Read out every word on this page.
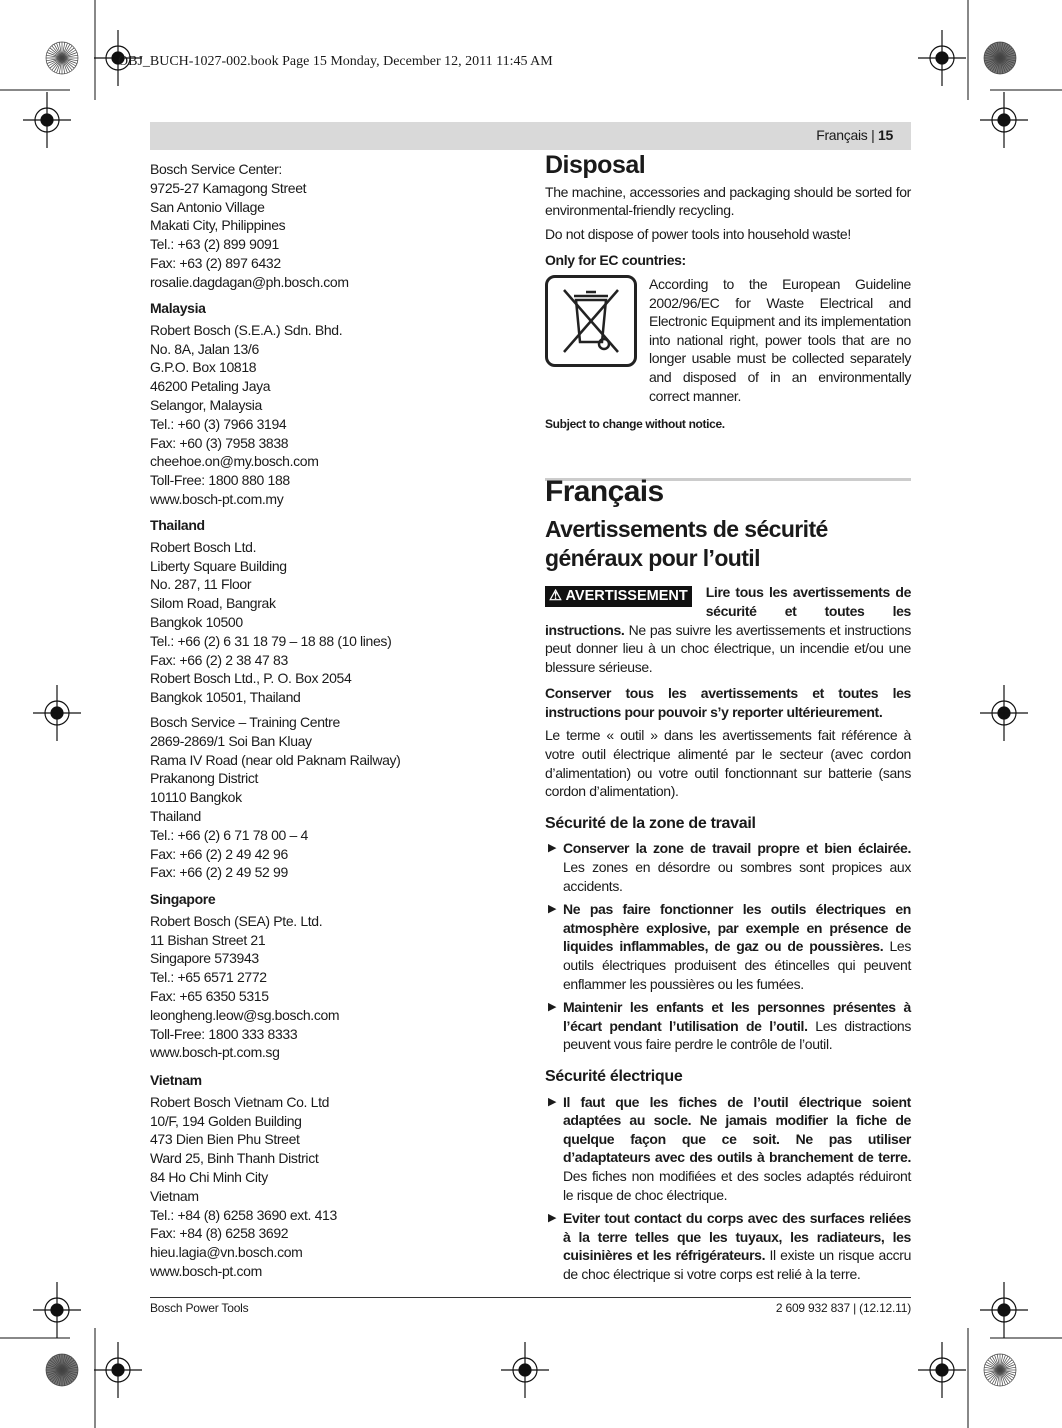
OBJ_BUCH-1027-002.book Page 15 Monday, December 12, 2011 11:45 AM
Français | 15
Bosch Service Center:
9725-27 Kamagong Street
San Antonio Village
Makati City, Philippines
Tel.: +63 (2) 899 9091
Fax: +63 (2) 897 6432
rosalie.dagdagan@ph.bosch.com
Malaysia
Robert Bosch (S.E.A.) Sdn. Bhd.
No. 8A, Jalan 13/6
G.P.O. Box 10818
46200 Petaling Jaya
Selangor, Malaysia
Tel.: +60 (3) 7966 3194
Fax: +60 (3) 7958 3838
cheehoe.on@my.bosch.com
Toll-Free: 1800 880 188
www.bosch-pt.com.my
Thailand
Robert Bosch Ltd.
Liberty Square Building
No. 287, 11 Floor
Silom Road, Bangrak
Bangkok 10500
Tel.: +66 (2) 6 31 18 79 – 18 88 (10 lines)
Fax: +66 (2) 2 38 47 83
Robert Bosch Ltd., P. O. Box 2054
Bangkok 10501, Thailand
Bosch Service – Training Centre
2869-2869/1 Soi Ban Kluay
Rama IV Road (near old Paknam Railway)
Prakanong District
10110 Bangkok
Thailand
Tel.: +66 (2) 6 71 78 00 – 4
Fax: +66 (2) 2 49 42 96
Fax: +66 (2) 2 49 52 99
Singapore
Robert Bosch (SEA) Pte. Ltd.
11 Bishan Street 21
Singapore 573943
Tel.: +65 6571 2772
Fax: +65 6350 5315
leongheng.leow@sg.bosch.com
Toll-Free: 1800 333 8333
www.bosch-pt.com.sg
Vietnam
Robert Bosch Vietnam Co. Ltd
10/F, 194 Golden Building
473 Dien Bien Phu Street
Ward 25, Binh Thanh District
84 Ho Chi Minh City
Vietnam
Tel.: +84 (8) 6258 3690 ext. 413
Fax: +84 (8) 6258 3692
hieu.lagia@vn.bosch.com
www.bosch-pt.com
Disposal

The machine, accessories and packaging should be sorted for environmental-friendly recycling.

Do not dispose of power tools into household waste!

Only for EC countries:

According to the European Guideline 2002/96/EC for Waste Electrical and Electronic Equipment and its implementation into national right, power tools that are no longer usable must be collected separately and disposed of in an environmentally correct manner.

Subject to change without notice.

Français
Avertissements de sécurité généraux pour l’outil

⚠ AVERTISSEMENT Lire tous les avertissements de sécurité et toutes les instructions. Ne pas suivre les avertissements et instructions peut donner lieu à un choc électrique, un incendie et/ou une blessure sérieuse.

Conserver tous les avertissements et toutes les instructions pour pouvoir s’y reporter ultérieurement.

Le terme « outil » dans les avertissements fait référence à votre outil électrique alimenté par le secteur (avec cordon d’alimentation) ou votre outil fonctionnant sur batterie (sans cordon d’alimentation).

Sécurité de la zone de travail
▶ Conserver la zone de travail propre et bien éclairée. Les zones en désordre ou sombres sont propices aux accidents.
▶ Ne pas faire fonctionner les outils électriques en atmosphère explosive, par exemple en présence de liquides inflammables, de gaz ou de poussières. Les outils électriques produisent des étincelles qui peuvent enflammer les poussières ou les fumées.
▶ Maintenir les enfants et les personnes présentes à l’écart pendant l’utilisation de l’outil. Les distractions peuvent vous faire perdre le contrôle de l’outil.
Sécurité électrique
▶ Il faut que les fiches de l’outil électrique soient adaptées au socle. Ne jamais modifier la fiche de quelque façon que ce soit. Ne pas utiliser d’adaptateurs avec des outils à branchement de terre. Des fiches non modifiées et des socles adaptés réduiront le risque de choc électrique.
▶ Eviter tout contact du corps avec des surfaces reliées à la terre telles que les tuyaux, les radiateurs, les cuisinières et les réfrigérateurs. Il existe un risque accru de choc électrique si votre corps est relié à la terre.
Bosch Power Tools	2 609 932 837 | (12.12.11)
